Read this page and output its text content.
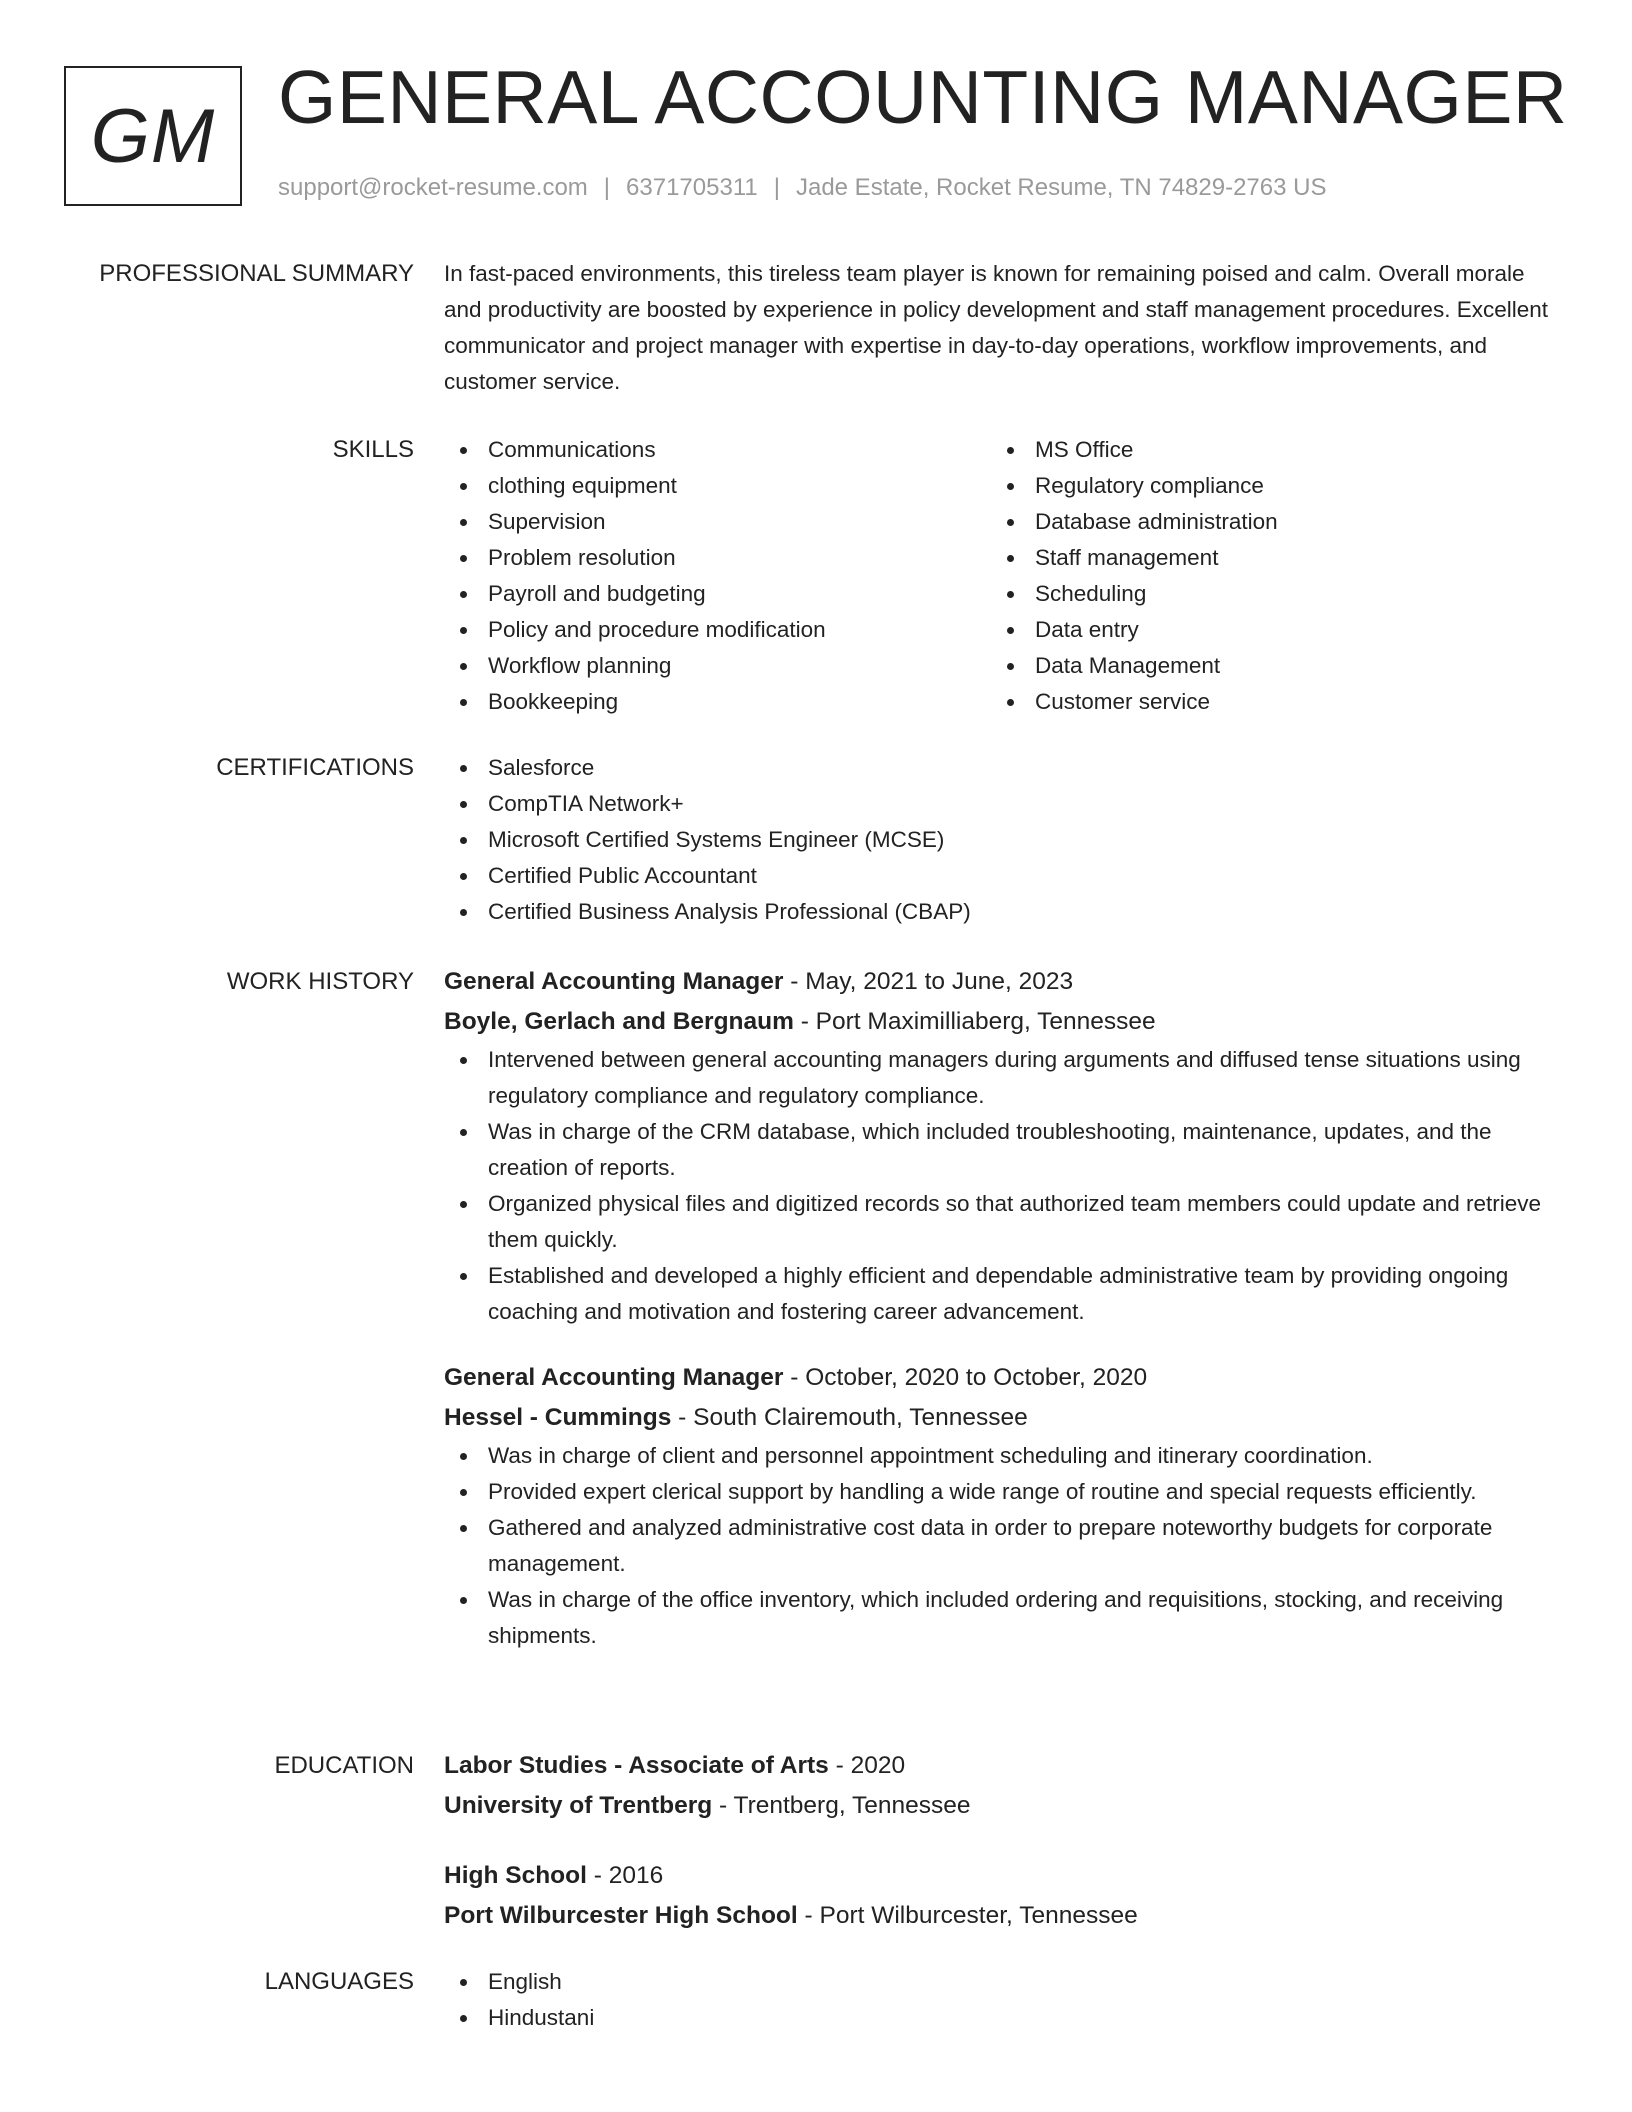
GM GENERAL ACCOUNTING MANAGER
support@rocket-resume.com | 6371705311 | Jade Estate, Rocket Resume, TN 74829-2763 US
PROFESSIONAL SUMMARY In fast-paced environments, this tireless team player is known for remaining poised and calm. Overall morale and productivity are boosted by experience in policy development and staff management procedures. Excellent communicator and project manager with expertise in day-to-day operations, workflow improvements, and customer service.

SKILLS	Communications
clothing equipment
Supervision
Problem resolution
Payroll and budgeting
Policy and procedure modification
Workflow planning
Bookkeeping
MS Office
Regulatory compliance
Database administration
Staff management
Scheduling
Data entry
Data Management
Customer service
CERTIFICATIONS	Salesforce
CompTIA Network+
Microsoft Certified Systems Engineer (MCSE)
Certified Public Accountant
Certified Business Analysis Professional (CBAP)
WORK HISTORY General Accounting Manager - May, 2021 to June, 2023
Boyle, Gerlach and Bergnaum - Port Maximilliaberg, Tennessee
Intervened between general accounting managers during arguments and diffused tense situations using regulatory compliance and regulatory compliance.
Was in charge of the CRM database, which included troubleshooting, maintenance, updates, and the creation of reports.
Organized physical files and digitized records so that authorized team members could update and retrieve them quickly.
Established and developed a highly efficient and dependable administrative team by providing ongoing coaching and motivation and fostering career advancement.
General Accounting Manager - October, 2020 to October, 2020
Hessel - Cummings - South Clairemouth, Tennessee
Was in charge of client and personnel appointment scheduling and itinerary coordination.
Provided expert clerical support by handling a wide range of routine and special requests efficiently.
Gathered and analyzed administrative cost data in order to prepare noteworthy budgets for corporate management.
Was in charge of the office inventory, which included ordering and requisitions, stocking, and receiving shipments.
EDUCATION Labor Studies - Associate of Arts - 2020
University of Trentberg - Trentberg, Tennessee
High School - 2016
Port Wilburcester High School - Port Wilburcester, Tennessee
LANGUAGES	English
Hindustani
